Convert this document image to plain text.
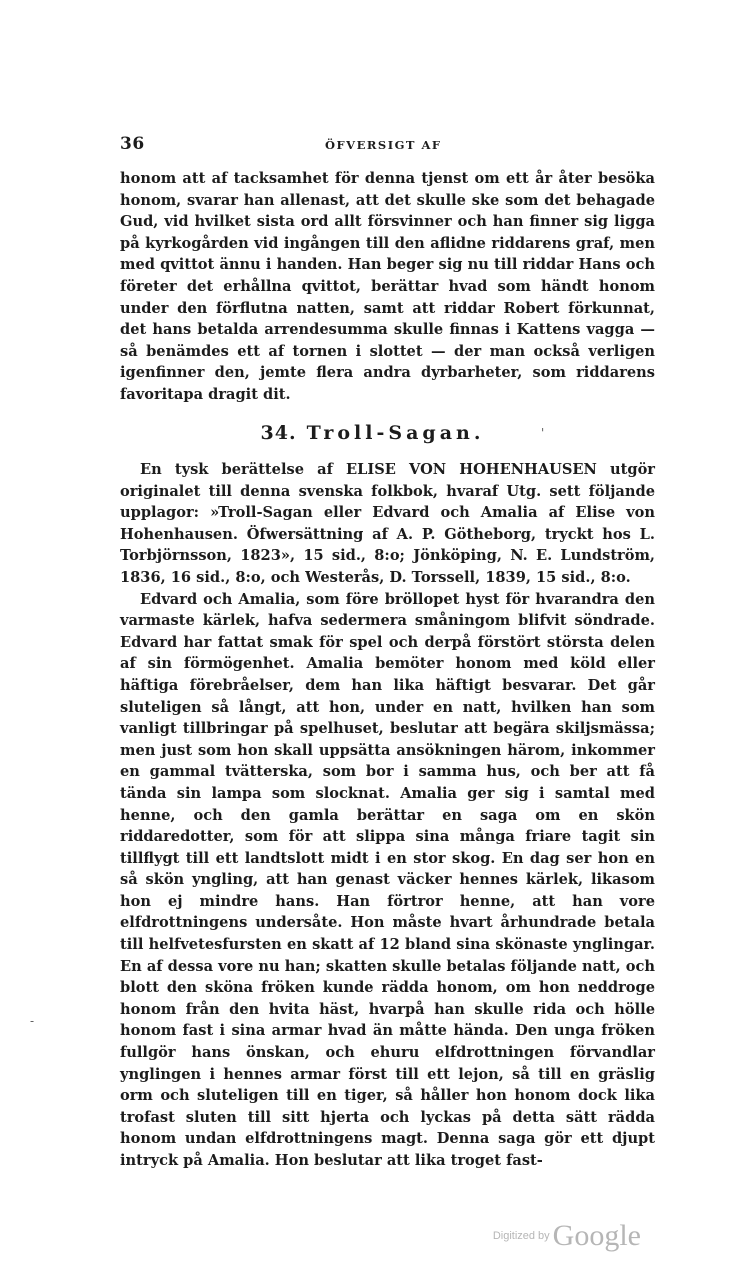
36	ÖFVERSIGT AF

honom att af tacksamhet för denna tjenst om ett år åter besöka honom, svarar han allenast, att det skulle ske som det behagade Gud, vid hvilket sista ord allt försvinner och han finner sig ligga på kyrkogården vid ingången till den aflidne riddarens graf, men med qvittot ännu i handen. Han beger sig nu till riddar Hans och företer det erhållna qvittot, berättar hvad som händt honom under den förflutna natten, samt att riddar Robert förkunnat, det hans betalda arrendesumma skulle finnas i Kattens vagga — så benämdes ett af tornen i slottet — der man också verligen igenfinner den, jemte flera andra dyrbarheter, som riddarens favoritapa dragit dit.

34. Troll-Sagan.	'
-

En tysk berättelse af ELISE VON HOHENHAUSEN utgör originalet till denna svenska folkbok, hvaraf Utg. sett följande upplagor: »Troll-Sagan eller Edvard och Amalia af Elise von Hohenhausen. Öfwersättning af A. P. Götheborg, tryckt hos L. Torbjörnsson, 1823», 15 sid., 8:o; Jönköping, N. E. Lundström, 1836, 16 sid., 8:o, och Westerås, D. Torssell, 1839, 15 sid., 8:o.

Edvard och Amalia, som före bröllopet hyst för hvarandra den varmaste kärlek, hafva sedermera småningom blifvit söndrade. Edvard har fattat smak för spel och derpå förstört största delen af sin förmögenhet. Amalia bemöter honom med köld eller häftiga förebråelser, dem han lika häftigt besvarar. Det går sluteligen så långt, att hon, under en natt, hvilken han som vanligt tillbringar på spelhuset, beslutar att begära skiljsmässa; men just som hon skall uppsätta ansökningen härom, inkommer en gammal tvätterska, som bor i samma hus, och ber att få tända sin lampa som slocknat. Amalia ger sig i samtal med henne, och den gamla berättar en saga om en skön riddaredotter, som för att slippa sina många friare tagit sin tillflygt till ett landtslott midt i en stor skog. En dag ser hon en så skön yngling, att han genast väcker hennes kärlek, likasom hon ej mindre hans. Han förtror henne, att han vore elfdrottningens undersåte. Hon måste hvart århundrade betala till helfvetesfursten en skatt af 12 bland sina skönaste ynglingar. En af dessa vore nu han; skatten skulle betalas följande natt, och blott den sköna fröken kunde rädda honom, om hon neddroge honom från den hvita häst, hvarpå han skulle rida och hölle honom fast i sina armar hvad än måtte hända. Den unga fröken fullgör hans önskan, och ehuru elfdrottningen förvandlar ynglingen i hennes armar först till ett lejon, så till en gräslig orm och sluteligen till en tiger, så håller hon honom dock lika trofast sluten till sitt hjerta och lyckas på detta sätt rädda honom undan elfdrottningens magt. Denna saga gör ett djupt intryck på Amalia. Hon beslutar att lika troget fast-

Digitized by Google
